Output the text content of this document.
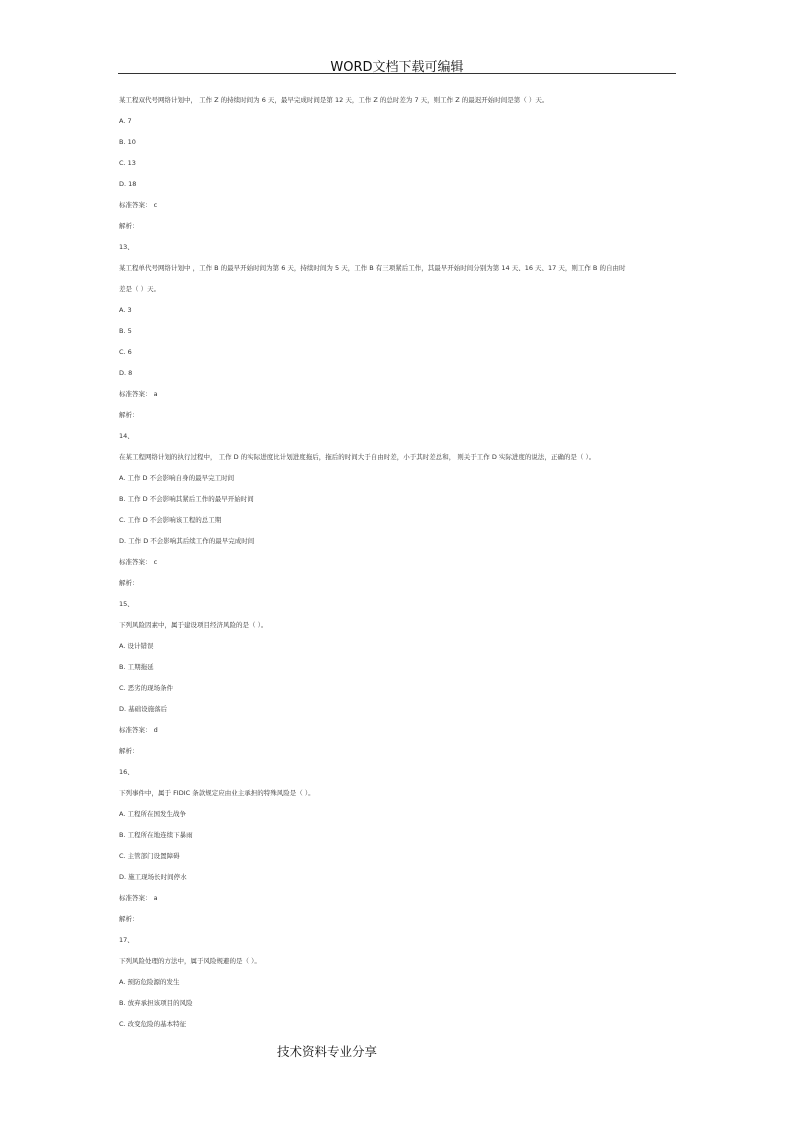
WORD文档下载可编辑
某工程双代号网络计划中， 工作 Z 的持续时间为 6 天，最早完成时间是第 12 天，工作 Z 的总时差为 7 天，则工作 Z 的最迟开始时间是第（ ）天。
A. 7
B. 10
C. 13
D. 18
标准答案： c
解析：
13、
某工程单代号网络计划中 ，工作 B 的最早开始时间为第 6 天，持续时间为 5 天，工作 B 有三项紧后工作，其最早开始时间分别为第 14 天、16 天、17 天，则工作 B 的自由时
差是（ ）天。
A. 3
B. 5
C. 6
D. 8
标准答案： a
解析：
14、
在某工程网络计划的执行过程中， 工作 D 的实际进度比计划进度拖后，拖后的时间大于自由时差，小于其时差总和， 则关于工作 D 实际进度的说法，正确的是（ ）。
A. 工作 D 不会影响自身的最早完工时间
B. 工作 D 不会影响其紧后工作的最早开始时间
C. 工作 D 不会影响该工程的总工期
D. 工作 D 不会影响其后续工作的最早完成时间
标准答案： c
解析：
15、
下列风险因素中，属于建设项目经济风险的是（ ）。
A. 设计错误
B. 工期拖延
C. 恶劣的现场条件
D. 基础设施落后
标准答案： d
解析：
16、
下列事件中，属于 FIDIC 条款规定应由业主承担的特殊风险是（ ）。
A. 工程所在国发生战争
B. 工程所在地连续下暴雨
C. 主管部门设置障碍
D. 施工现场长时间停水
标准答案： a
解析：
17、
下列风险处理的方法中，属于风险规避的是（ ）。
A. 预防危险源的发生
B. 放弃承担该项目的风险
C. 改变危险的基本特征
技术资料专业分享
